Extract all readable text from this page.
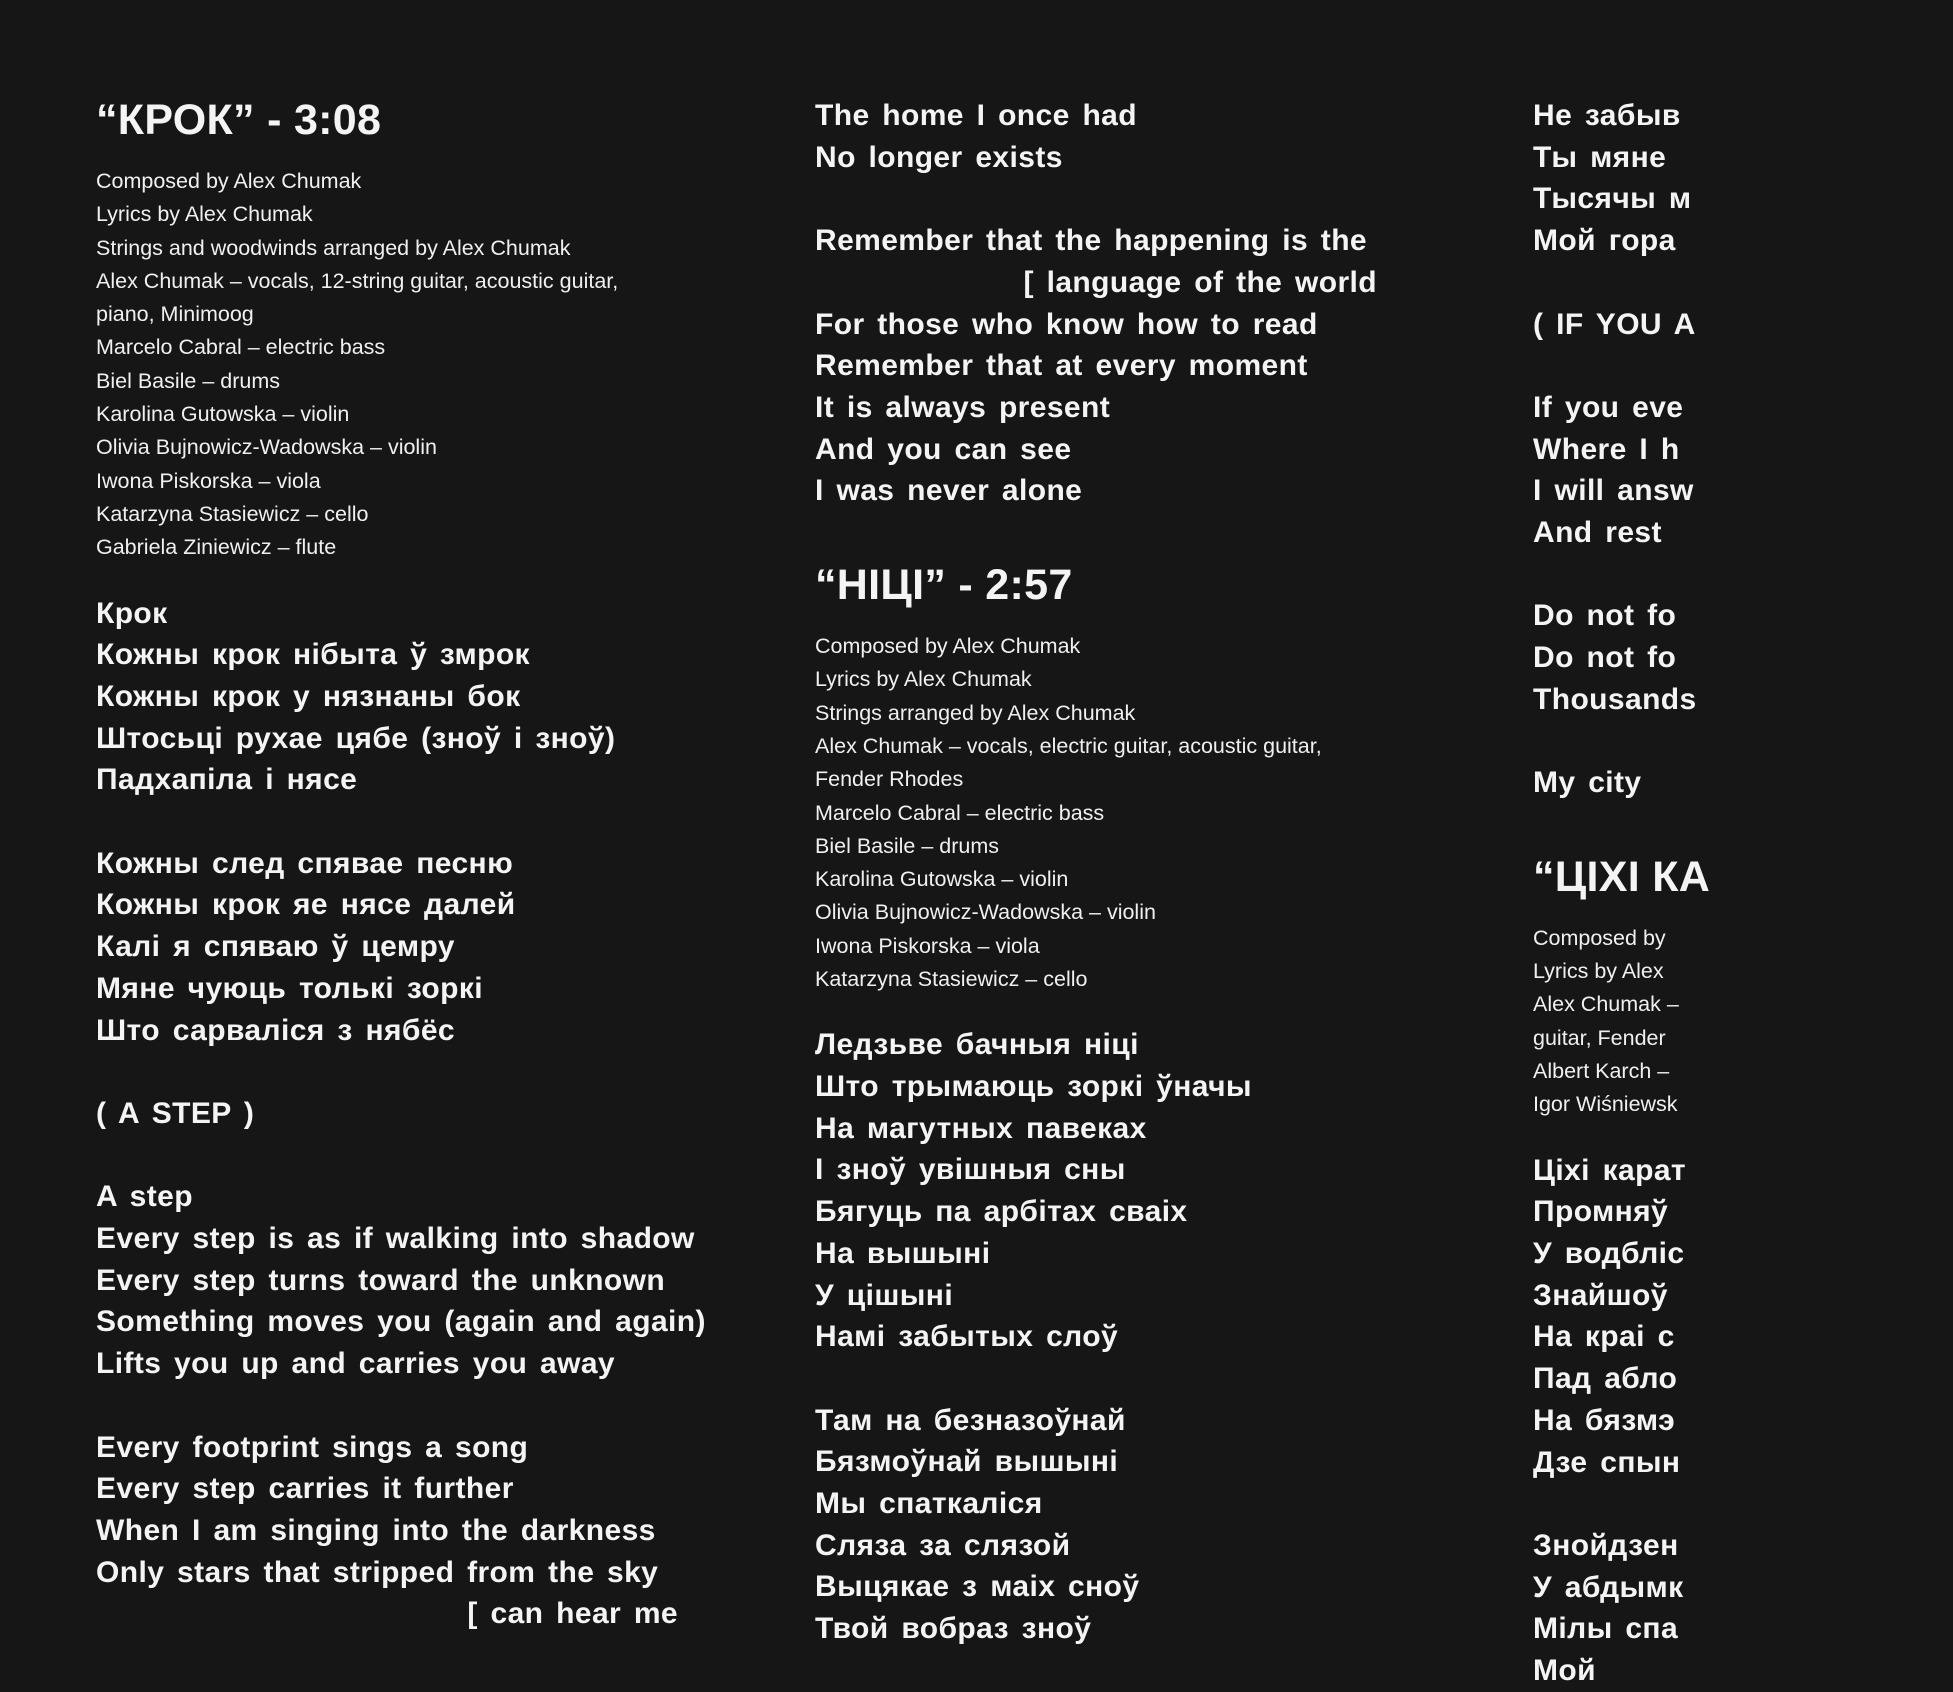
“КРОК” - 3:08
Composed by Alex Chumak
Lyrics by Alex Chumak
Strings and woodwinds arranged by Alex Chumak
Alex Chumak – vocals, 12-string guitar, acoustic guitar,
piano, Minimoog
Marcelo Cabral – electric bass
Biel Basile – drums
Karolina Gutowska – violin
Olivia Bujnowicz-Wadowska – violin
Iwona Piskorska – viola
Katarzyna Stasiewicz – cello
Gabriela Ziniewicz – flute
Крок
Кожны крок нібыта ў змрок
Кожны крок у нязнаны бок
Штосьці рухае цябе (зноў і зноў)
Падхапіла і нясе
Кожны след спявае песню
Кожны крок яе нясе далей
Калі я спяваю ў цемру
Мяне чуюць толькі зоркі
Што сарваліся з нябёс
( A STEP )
A step
Every step is as if walking into shadow
Every step turns toward the unknown
Something moves you (again and again)
Lifts you up and carries you away
Every footprint sings a song
Every step carries it further
When I am singing into the darkness
Only stars that stripped from the sky
[ can hear me
The home I once had
No longer exists
Remember that the happening is the
[ language of the world
For those who know how to read
Remember that at every moment
It is always present
And you can see
I was never alone
“НІЦІ” - 2:57
Composed by Alex Chumak
Lyrics by Alex Chumak
Strings arranged by Alex Chumak
Alex Chumak – vocals, electric guitar, acoustic guitar,
Fender Rhodes
Marcelo Cabral – electric bass
Biel Basile – drums
Karolina Gutowska – violin
Olivia Bujnowicz-Wadowska – violin
Iwona Piskorska – viola
Katarzyna Stasiewicz – cello
Ледзьве бачныя ніці
Што трымаюць зоркі ўначы
На магутных павеках
І зноў увішныя сны
Бягуць па арбітах сваіх
На вышыні
У цішыні
Намі забытых слоў
Там на безназоўнай
Бязмоўнай вышыні
Мы спаткаліся
Сляза за слязой
Выцякае з маіх сноў
Твой вобраз зноў
Не забыв
Ты мяне
Тысячы м
Мой гора
( IF YOU A
If you eve
Where I h
I will answ
And rest
Do not fo
Do not fo
Thousands
My city
“ЦІХІ КА
Composed by
Lyrics by Alex
Alex Chumak –
guitar, Fender
Albert Karch –
Igor Wiśniewsk
Ціхі карат
Промняў
У водбліс
Знайшоў
На краі с
Пад абло
На бязмэ
Дзе спын
Знойдзен
У абдымк
Мілы спа
Мой
